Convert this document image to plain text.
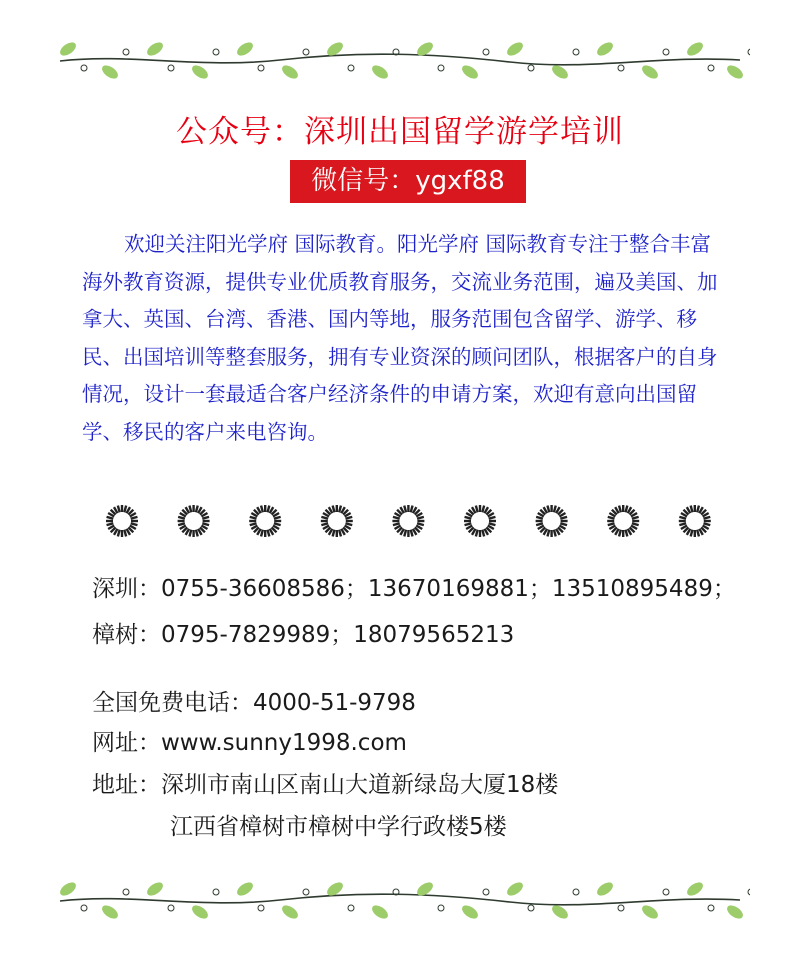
公众号：深圳出国留学游学培训
微信号：ygxf88

欢迎关注阳光学府 国际教育。阳光学府 国际教育专注于整合丰富海外教育资源，提供专业优质教育服务，交流业务范围，遍及美国、加拿大、英国、台湾、香港、国内等地，服务范围包含留学、游学、移民、出国培训等整套服务，拥有专业资深的顾问团队，根据客户的自身情况，设计一套最适合客户经济条件的申请方案，欢迎有意向出国留学、移民的客户来电咨询。

深圳：0755-36608586；13670169881；13510895489；
樟树：0795-7829989；18079565213
全国免费电话：4000-51-9798
网址：www.sunny1998.com
地址：深圳市南山区南山大道新绿岛大厦18楼
江西省樟树市樟树中学行政楼5楼
